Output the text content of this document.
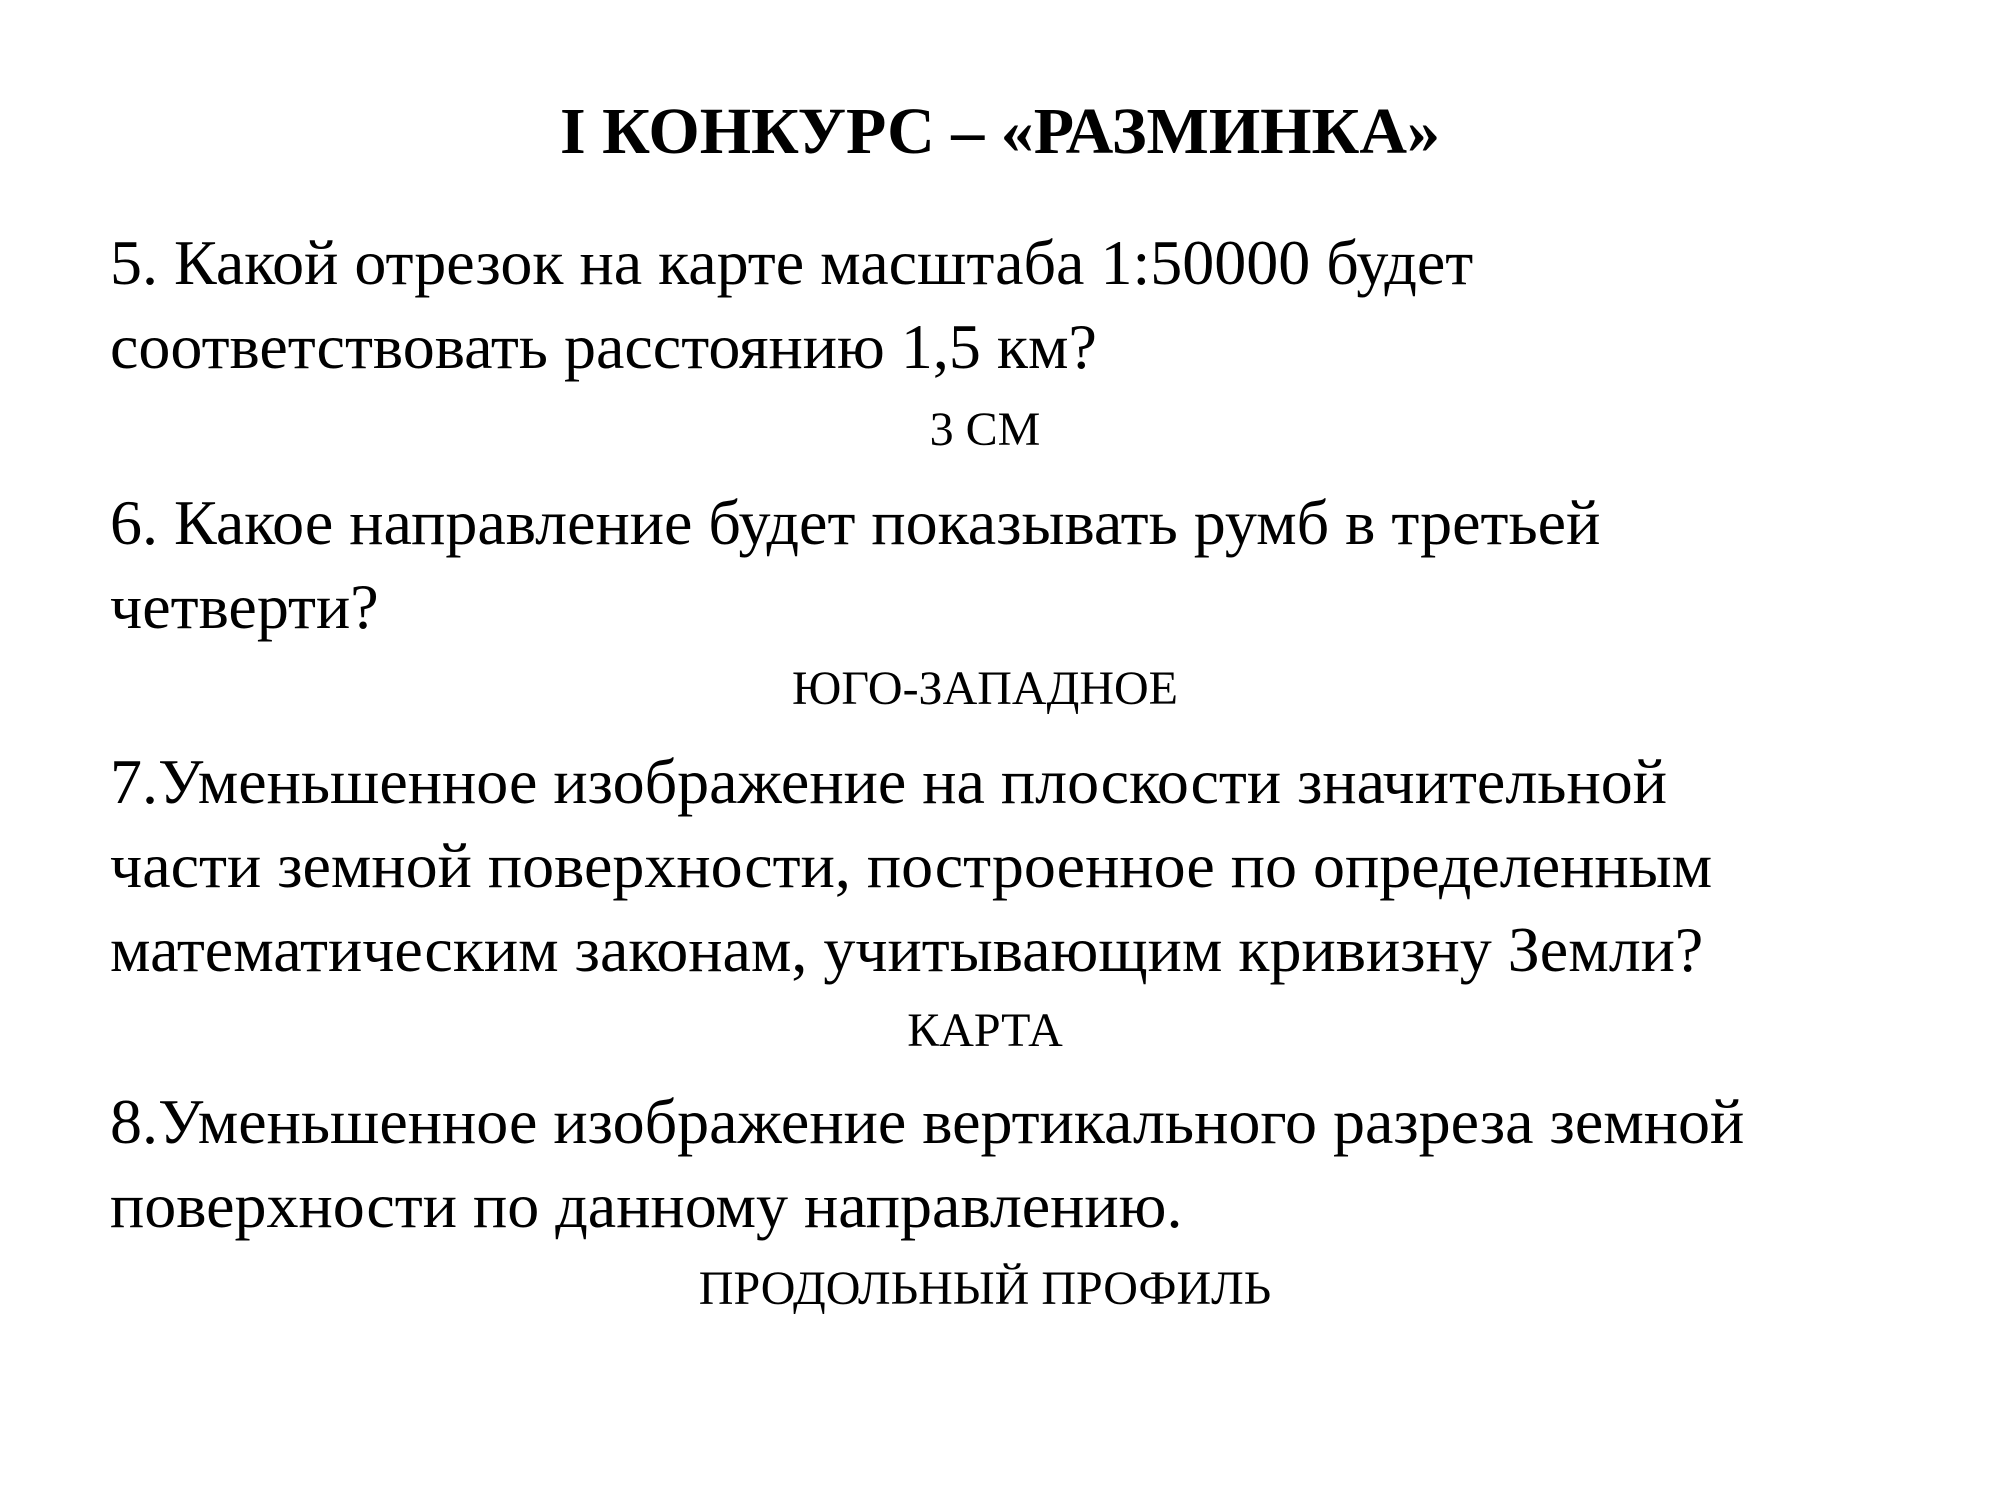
I КОНКУРС – «РАЗМИНКА»
5. Какой отрезок на карте масштаба 1:50000 будет
соответствовать расстоянию 1,5 км?
3 СМ
6. Какое направление будет показывать румб в третьей
четверти?
ЮГО-ЗАПАДНОЕ
7.Уменьшенное изображение на плоскости значительной
части земной поверхности, построенное по определенным
математическим законам, учитывающим кривизну Земли?
КАРТА
8.Уменьшенное изображение вертикального разреза земной
поверхности по данному направлению.
ПРОДОЛЬНЫЙ ПРОФИЛЬ
